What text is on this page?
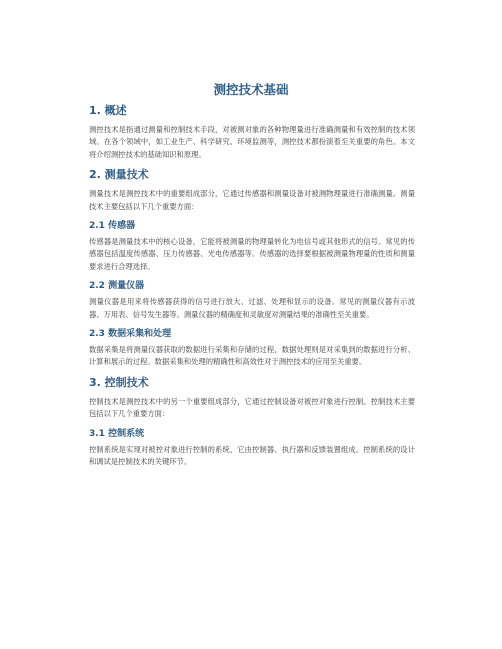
测控技术基础
1. 概述

测控技术是指通过测量和控制技术手段，对被测对象的各种物理量进行准确测量和有效控制的技术领域。在各个领域中，如工业生产、科学研究、环境监测等，测控技术都扮演着至关重要的角色。本文将介绍测控技术的基础知识和原理。

2. 测量技术

测量技术是测控技术中的重要组成部分，它通过传感器和测量设备对被测物理量进行准确测量。测量技术主要包括以下几个重要方面：

2.1 传感器

传感器是测量技术中的核心设备，它能将被测量的物理量转化为电信号或其他形式的信号。常见的传感器包括温度传感器、压力传感器、光电传感器等。传感器的选择要根据被测量物理量的性质和测量要求进行合理选择。

2.2 测量仪器

测量仪器是用来将传感器获得的信号进行放大、过滤、处理和显示的设备。常见的测量仪器有示波器、万用表、信号发生器等。测量仪器的精确度和灵敏度对测量结果的准确性至关重要。

2.3 数据采集和处理

数据采集是将测量仪器获取的数据进行采集和存储的过程，数据处理则是对采集到的数据进行分析、计算和展示的过程。数据采集和处理的精确性和高效性对于测控技术的应用至关重要。

3. 控制技术

控制技术是测控技术中的另一个重要组成部分，它通过控制设备对被控对象进行控制。控制技术主要包括以下几个重要方面：

3.1 控制系统

控制系统是实现对被控对象进行控制的系统，它由控制器、执行器和反馈装置组成。控制系统的设计和调试是控制技术的关键环节。
